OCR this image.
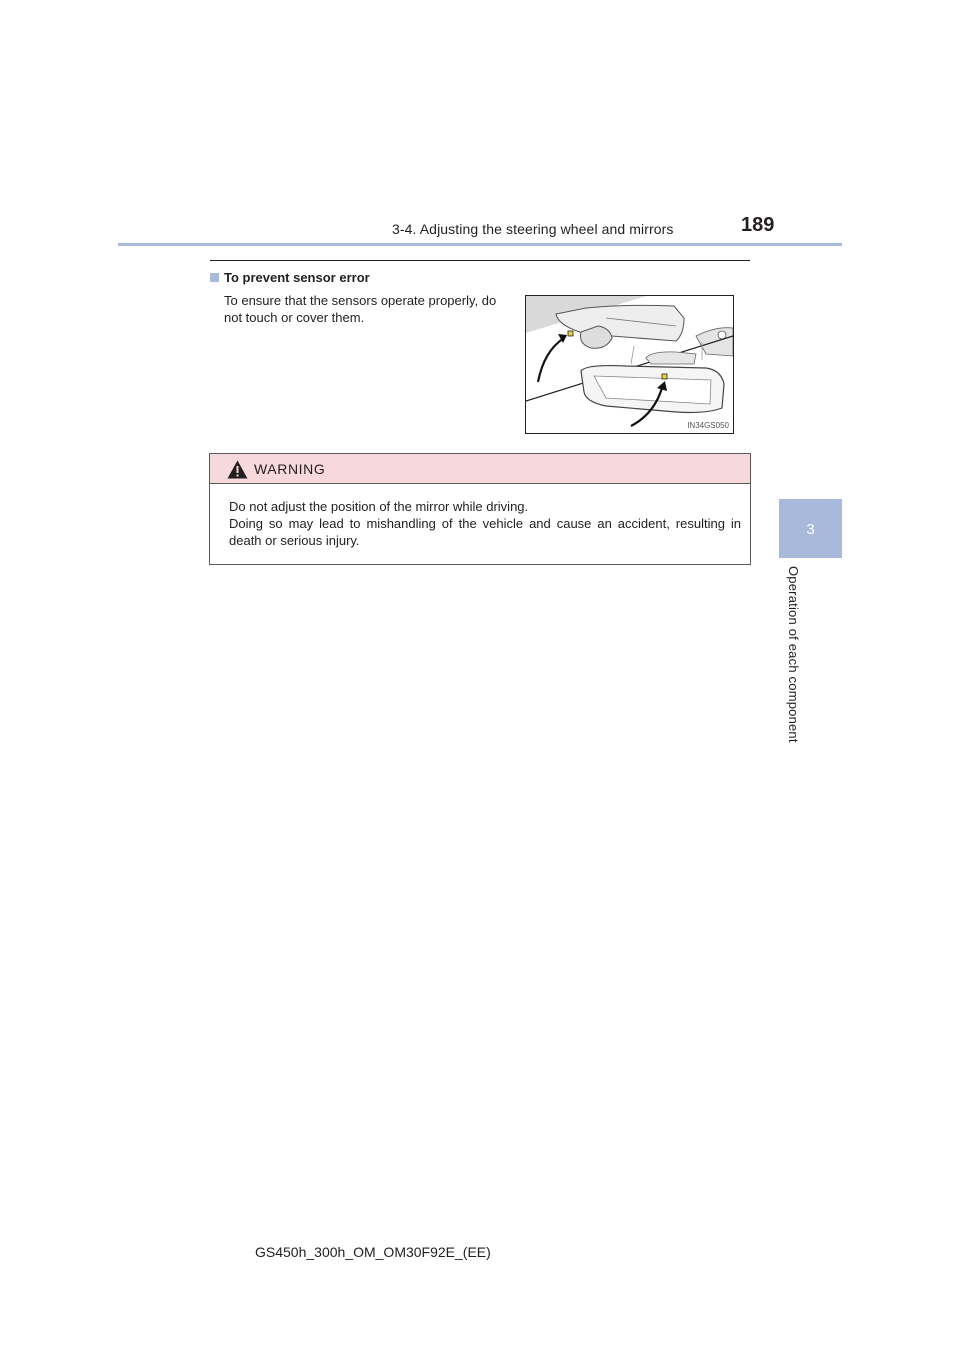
3-4. Adjusting the steering wheel and mirrors	189
3
Operation of each component
To prevent sensor error
To ensure that the sensors operate properly, do not touch or cover them.
IN34GS050
WARNING
Do not adjust the position of the mirror while driving.
Doing so may lead to mishandling of the vehicle and cause an accident, resulting in death or serious injury.
GS450h_300h_OM_OM30F92E_(EE)
